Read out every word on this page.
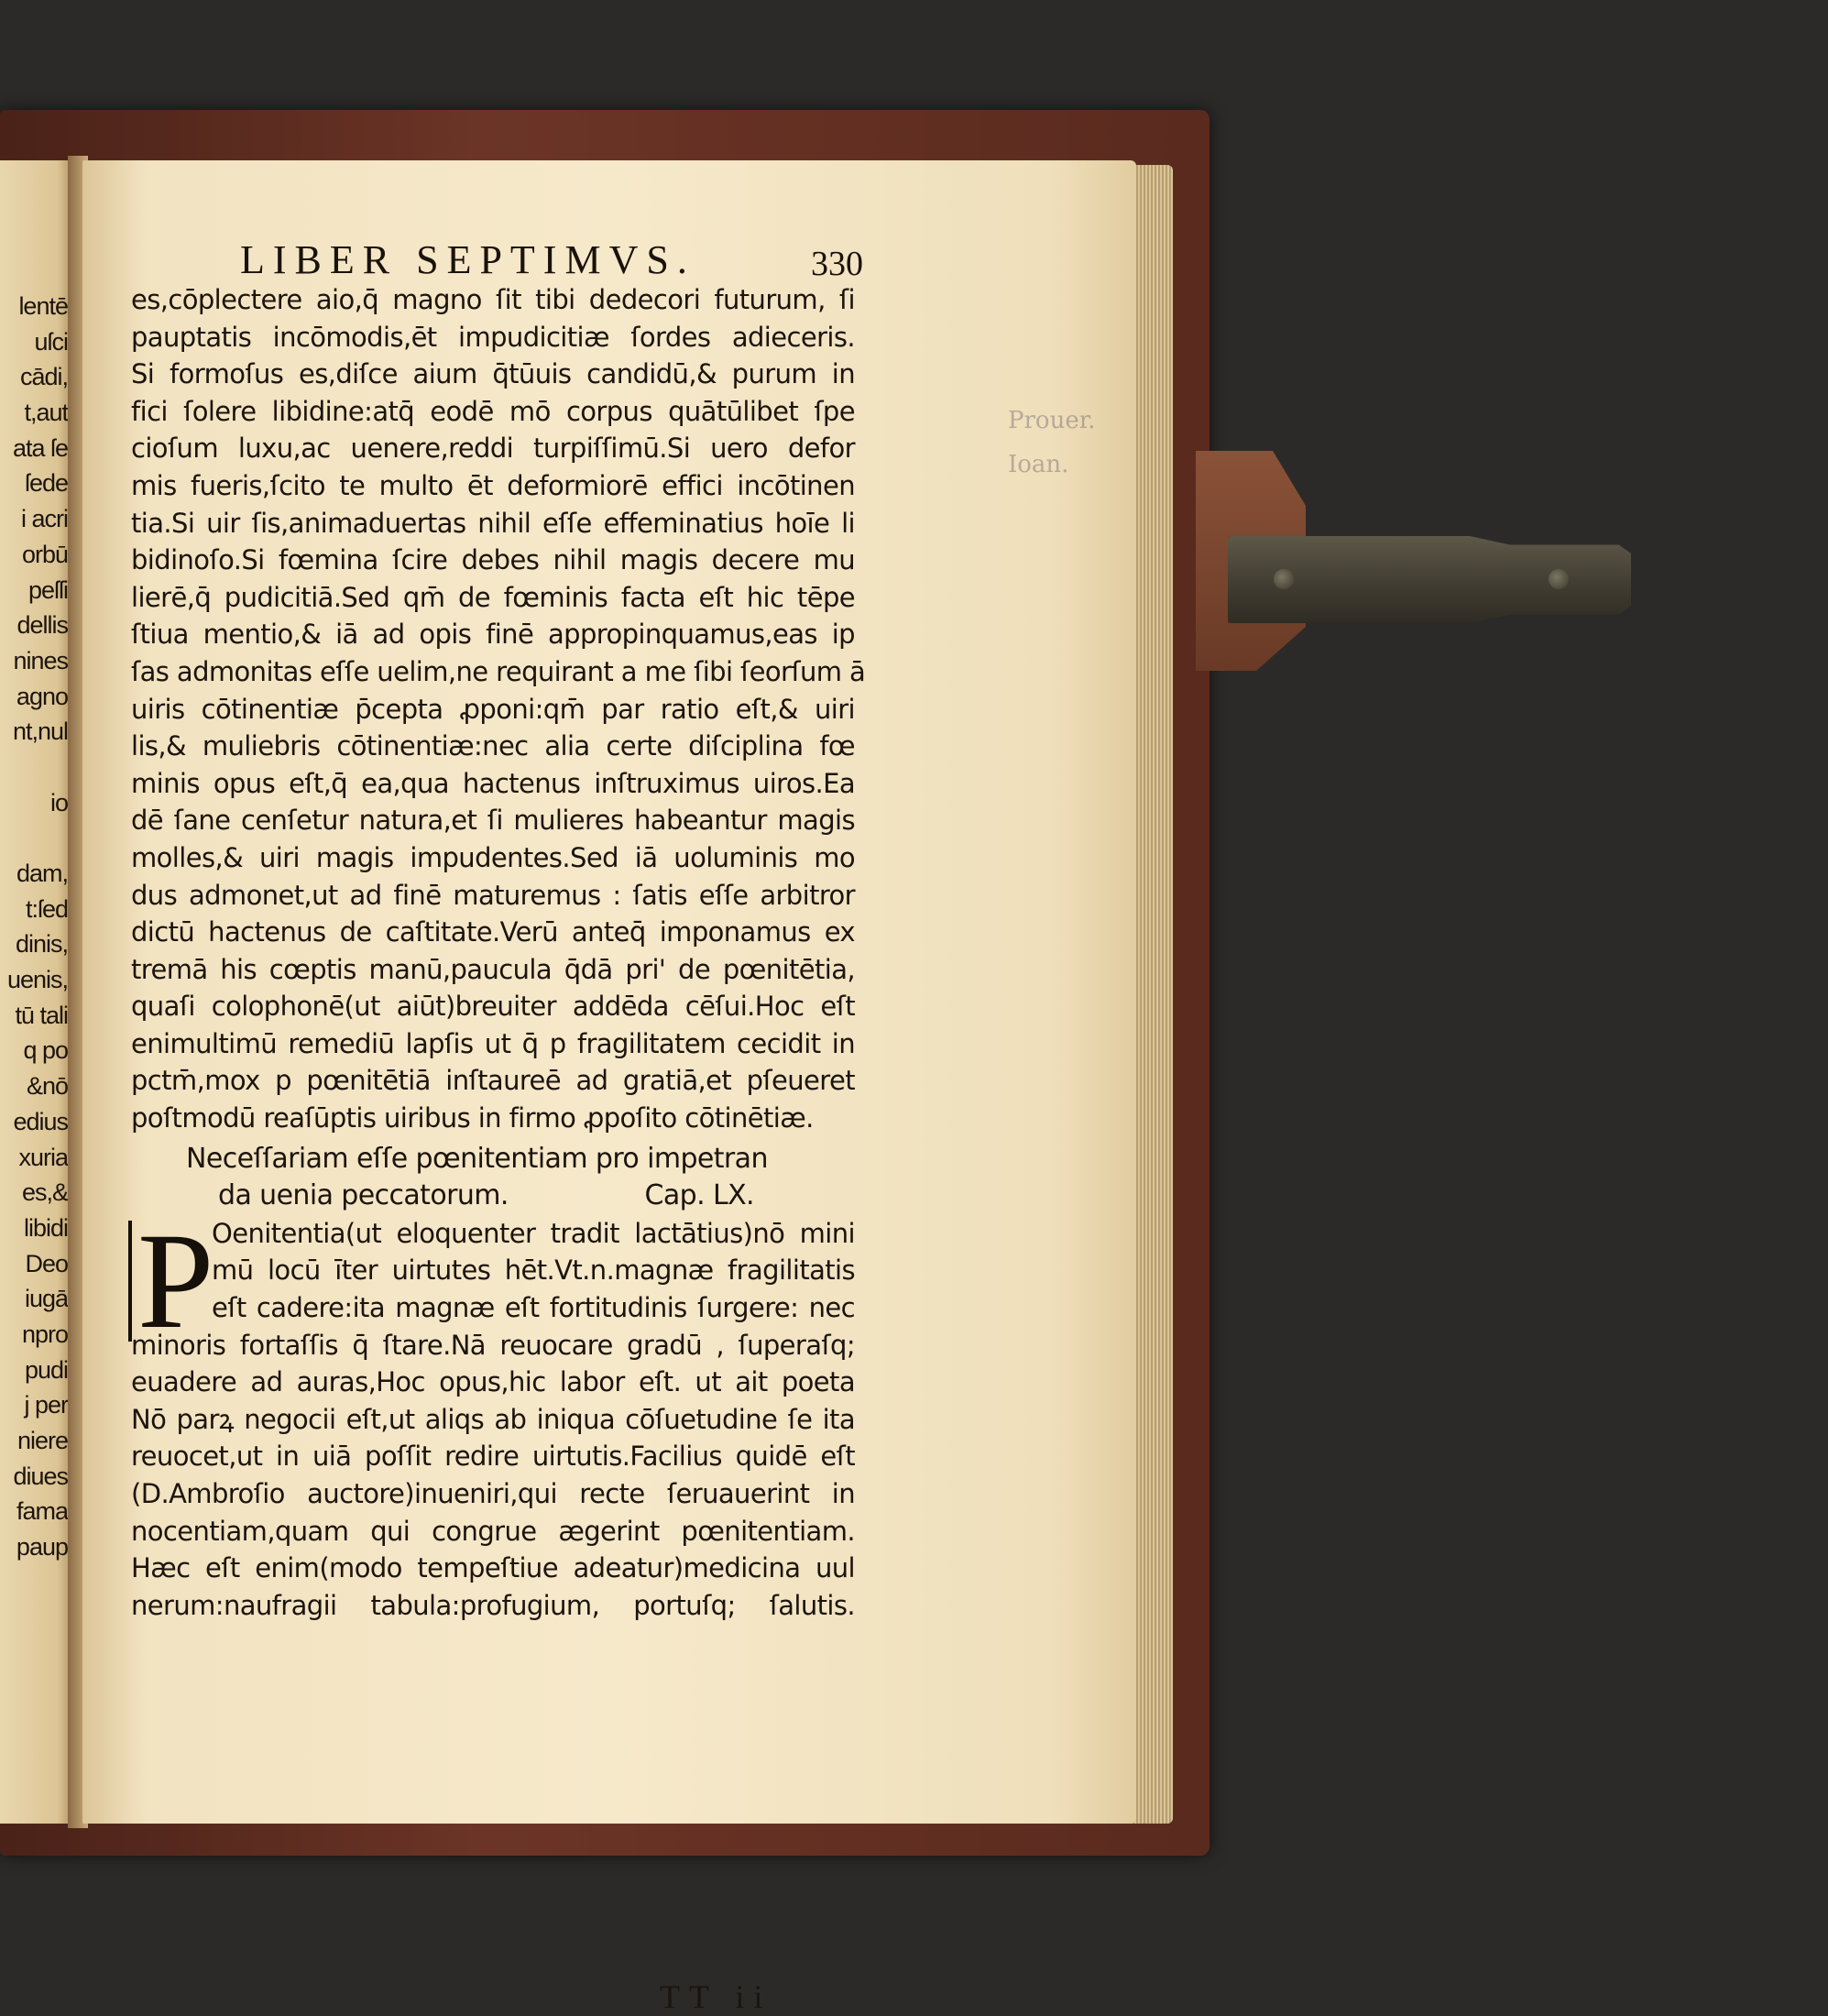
lentē
uſci
cādi,
t,aut
ata ſe
ſede
i acri
orbū
peſſi
dellis
nines
agno
nt,nul
io
dam,
t:ſed
dinis,
uenis,
tū tali
q po
&nō
edius
xuria
es,&
libidi
Deo
iugā
npro
pudi
j per
niere
diues
fama
paup
Prouer.
Ioan.
LIBER SEPTIMVS.	330
es,cōplectere aio,q̄ magno ſit tibi dedecori futurum, ſi
pauptatis incōmodis,ēt impudicitiæ ſordes adieceris.
Si formoſus es,diſce aium q̄tūuis candidū,& purum in
fici ſolere libidine:atq̄ eodē mō corpus quātūlibet ſpe
cioſum luxu,ac uenere,reddi turpiſſimū.Si uero defor
mis fueris,ſcito te multo ēt deformiorē effici incōtinen
tia.Si uir ſis,animaduertas nihil eſſe effeminatius hoīe li
bidinoſo.Si fœmina ſcire debes nihil magis decere mu
lierē,q̄ pudicitiā.Sed qm̄ de fœminis facta eſt hic tēpe
ſtiua mentio,& iā ad opis finē appropinquamus,eas ip
ſas admonitas eſſe uelim,ne requirant a me ſibi ſeorſum ā
uiris cōtinentiæ p̄cepta ꝓponi:qm̄ par ratio eſt,& uiri
lis,& muliebris cōtinentiæ:nec alia certe diſciplina fœ
minis opus eſt,q̄ ea,qua hactenus inſtruximus uiros.Ea
dē ſane cenſetur natura,et ſi mulieres habeantur magis
molles,& uiri magis impudentes.Sed iā uoluminis mo
dus admonet,ut ad finē maturemus : ſatis eſſe arbitror
dictū hactenus de caſtitate.Verū anteq̄ imponamus ex
tremā his cœptis manū,paucula q̄dā pri' de pœnitētia,
quaſi colophonē(ut aiūt)breuiter addēda cēſui.Hoc eſt
enimultimū remediū lapſis ut q̄ p fragilitatem cecidit in
pctm̄,mox p pœnitētiā inſtaureē ad gratiā,et pſeueret
poſtmodū reaſūptis uiribus in firmo ꝓpoſito cōtinētiæ.
Neceſſariam eſſe pœnitentiam pro impetran
da uenia peccatorum.	Cap. LX.
P
Oenitentia(ut eloquenter tradit lactātius)nō mini
mū locū īter uirtutes hēt.Vt.n.magnæ fragilitatis
eſt cadere:ita magnæ eſt fortitudinis ſurgere: nec
minoris fortaſſis q̄ ſtare.Nā reuocare gradū , ſuperaſq;
euadere ad auras,Hoc opus,hic labor eſt. ut ait poeta
Nō parꝝ negocii eſt,ut aliqs ab iniqua cōſuetudine ſe ita
reuocet,ut in uiā poſſit redire uirtutis.Facilius quidē eſt
(D.Ambroſio auctore)inueniri,qui recte ſeruauerint in
nocentiam,quam qui congrue ægerint pœnitentiam.
Hæc eſt enim(modo tempeſtiue adeatur)medicina uul
nerum:naufragii tabula:profugium, portuſq; ſalutis.
TT ii
